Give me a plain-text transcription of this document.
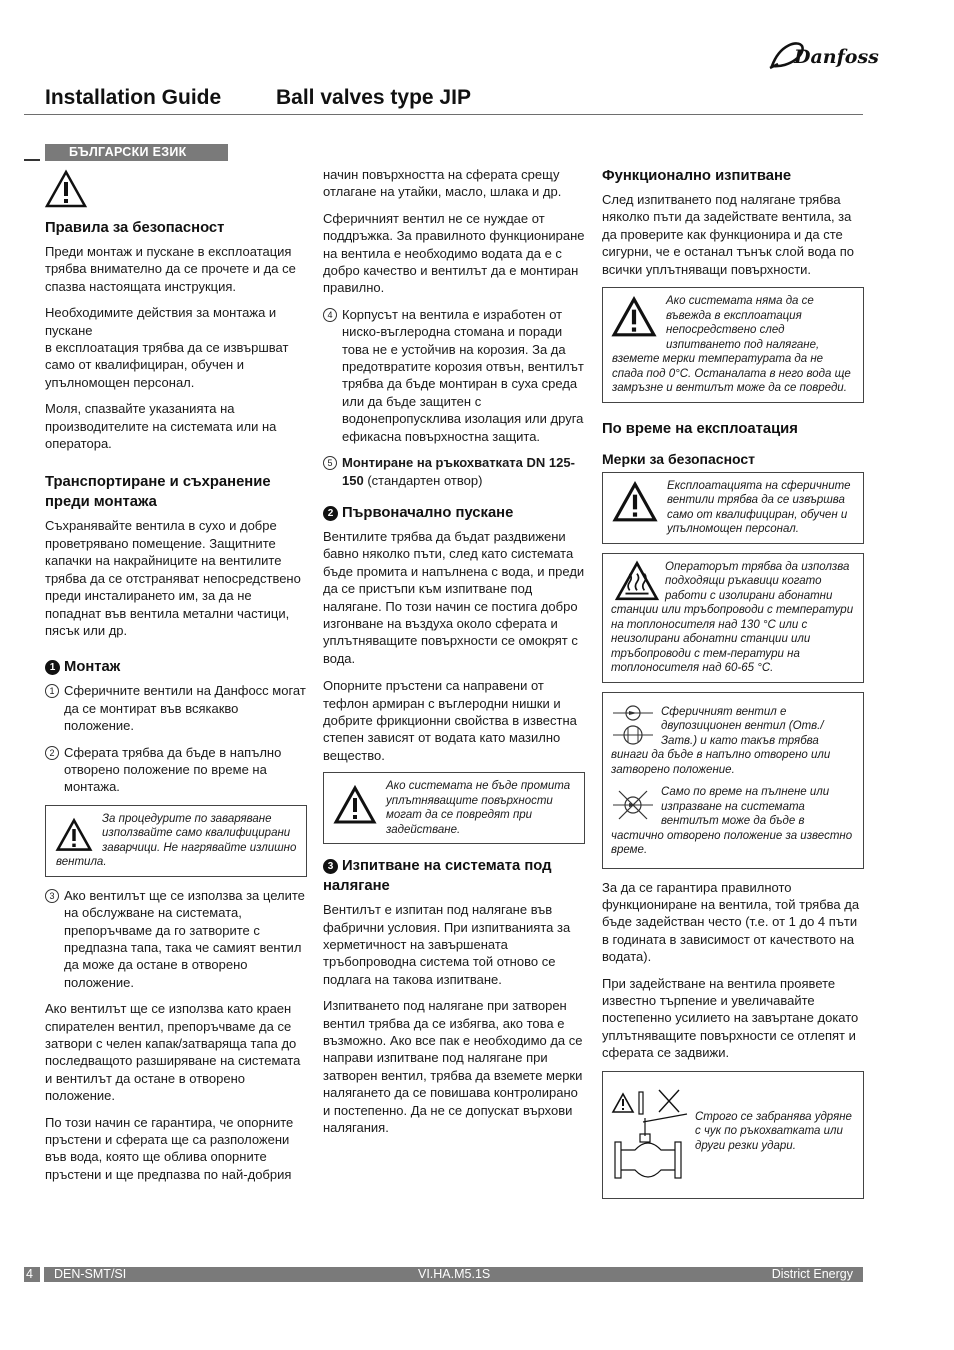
Danfoss
Installation Guide	Ball valves type JIP
БЪЛГАРСКИ ЕЗИК
Правила за безопасност

Преди монтаж и пускане в експлоатация трябва внимателно да се прочете и да се спазва настоящата инструкция.

Необходимите действия за монтажа и пускане

в експлоатация трябва да се извършват само от квалифициран, обучен и упълномощен персонал.

Моля, спазвайте указанията на производителите на системата или на оператора.

Транспортиране и съхранение преди монтажа

Съхранявайте вентила в сухо и добре проветрявано помещение. Защитните капачки на накрайниците на вентилите трябва да се отстраняват непосредствено преди инсталирането им, за да не попаднат във вентила метални частици, пясък или др.

1 Монтаж
1 Сферичните вентили на Данфосс могат да се монтират във всякакво положение.
2 Сферата трябва да бъде в напълно отворено положение по време на монтажа.
За процедурите по заваряване използвайте само квалифицирани заварчици. Не нагрявайте излишно вентила.
3 Ако вентилът ще се използва за целите на обслужване на системата, препоръчваме да го затворите с предпазна тапа, така че самият вентил да може да остане в отворено положение.

Ако вентилът ще се използва като краен спирателен вентил, препоръчваме да се затвори с челен капак/затваряща тапа до последващото разширяване на системата и вентилът да остане в отворено положение.

По този начин се гарантира, че опорните пръстени и сферата ще са разположени във вода, която ще облива опорните пръстени и ще предпазва по най-добрия

начин повърхността на сферата срещу отлагане на утайки, масло, шлака и др.

Сферичният вентил не се нуждае от поддръжка. За правилното функциониране на вентила е необходимо водата да е с добро качество и вентилът да е монтиран правилно.

4 Корпусът на вентила е изработен от ниско-въглеродна стомана и поради това не е устойчив на корозия. За да предотвратите корозия отвън, вентилът трябва да бъде монтиран в суха среда или да бъде защитен с водонепропусклива изолация или друга ефикасна повърхностна защита.
5 Монтиране на ръкохватката DN 125-150 (стандартен отвор)
2 Първоначално пускане

Вентилите трябва да бъдат раздвижени бавно няколко пъти, след като системата бъде промита и напълнена с вода, и преди да се пристъпи към изпитване под налягане. По този начин се постига добро изгонване на въздуха около сферата и уплътняващите повърхности се омокрят с вода.

Опорните пръстени са направени от тефлон армиран с въглеродни нишки и добрите фрикционни свойства в известна степен зависят от водата като мазилно вещество.

Ако системата не бъде промита уплътняващите повърхности могат да се повредят при задействане.
3 Изпитване на системата под налягане

Вентилът е изпитан под налягане във фабрични условия. При изпитванията за херметичност на завършената тръбопроводна система той отново се подлага на такова изпитване.

Изпитването под налягане при затворен вентил трябва да се избягва, ако това е възможно. Ако все пак е необходимо да се направи изпитване под налягане при затворен вентил, трябва да вземете мерки налягането да се повишава контролирано и постепенно. Да не се допускат върхови налягания.

Функционално изпитване

След изпитването под налягане трябва няколко пъти да задействате вентила, за да проверите как функционира и да сте сигурни, че е останал тънък слой вода по всички уплътняващи повърхности.

Ако системата няма да се въвежда в експлоатация непосредствено след изпитването под налягане, вземете мерки температурата да не спада под 0°C. Останалата в него вода ще замръзне и вентилът може да се повреди.
По време на експлоатация
Мерки за безопасност
Експлоатацията на сферичните вентили трябва да се извършва само от квалифициран, обучен и упълномощен персонал.
Операторът трябва да използва подходящи ръкавици когато работи с изолирани абонатни станции или тръбопроводи с температури на топлоносителя над 130 °C или с неизолирани абонатни станции или тръбопроводи с тем-ператури на топлоносителя над 60-65 °C.
Сферичният вентил е двупозиционен вентил (Отв./Затв.) и като такъв трябва винаги да бъде в напълно отворено или затворено положение.
Само по време на пълнене или изпразване на системата вентилът може да бъде в частично отворено положение за известно време.

За да се гарантира правилното функциониране на вентила, той трябва да бъде задействан често (т.е. от 1 до 4 пъти в годината в зависимост от качеството на водата).

При задействане на вентила проявете известно търпение и увеличавайте постепенно усилието на завъртане докато уплътняващите повърхности се отлепят и сферата се задвижи.

Строго се забранява удряне с чук по ръкохватката или други резки удари.
4 DEN-SMT/SI	VI.HA.M5.1S	District Energy
